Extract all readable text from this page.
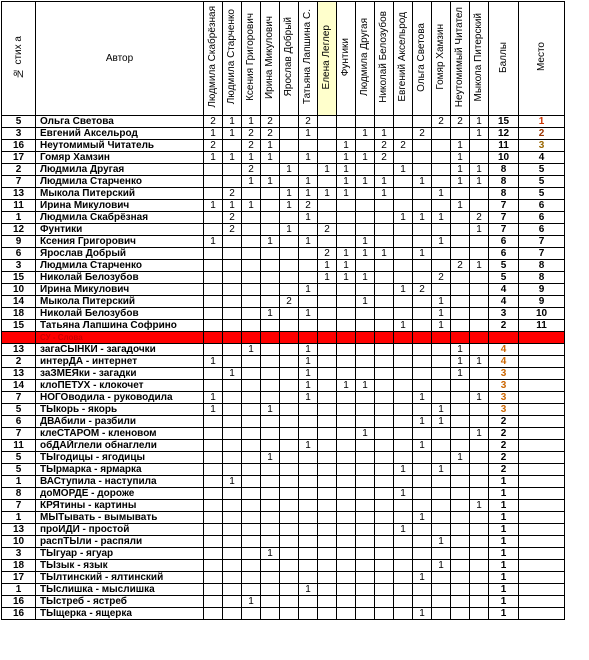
№ стих а	Автор	Людмила Скабрёзная	Людмила Старченко	Ксения Григорович	Ирина Микулович	Ярослав Добрый	Татьяна Лапшина С.	Елена Леглер	Фунтики	Людмила Другая	Николай Белозубов	Евгений Аксельрод	Ольга Светова	Гомяр Хамзин	Неутомимый Читател	Мыкола Питерский	Баллы	Место
5	Ольга Светова	2	1	1	2		2							2	2	1	15	1
3	Евгений Аксельрод	1	1	2	2		1			1	1		2			1	12	2
16	Неутомимый Читатель	2		2	1				1		2	2			1		11	3
17	Гомяр Хамзин	1	1	1	1		1		1	1	2				1		10	4
2	Людмила Другая			2		1		1	1			1			1	1	8	5
7	Людмила Старченко			1	1		1		1	1	1		1		1	1	8	5
13	Мыкола Питерский		2			1	1	1	1		1			1			8	5
11	Ирина Микулович	1	1	1		1	2								1		7	6
1	Людмила Скабрёзная		2				1					1	1	1		2	7	6
12	Фунтики		2			1		2								1	7	6
9	Ксения Григорович	1			1		1			1				1			6	7
6	Ярослав Добрый							2	1	1	1		1				6	7
3	Людмила Старченко							1	1						2	1	5	8
15	Николай Белозубов							1	1	1				2			5	8
10	Ирина Микулович						1					1	2				4	9
14	Мыкола Питерский					2				1				1			4	9
18	Николай Белозубов				1		1							1			3	10
15	Татьяна Лапшина Софрино											1		1			2	11
	СУ - Слова																	
13	загаСЫНКИ - загадочки			1			1								1		4	
2	интерДА - интернет	1					1								1	1	4	
13	заЗМЕЯки - загадки		1				1								1		3	
14	клоПЕТУХ - клокочет						1		1	1							3	
7	НОГОводила - руководила	1					1						1			1	3	
5	ТЫкорь - якорь	1			1									1			3	
6	ДВАбили - разбили												1	1			2	
7	клеСТАРОМ - кленовом									1						1	2	
11	обДАЙглели обнаглели						1						1				2	
5	ТЫгодицы - ягодицы				1										1		2	
5	ТЫрмарка - ярмарка											1		1			2	
1	ВАСтупила - наступила		1														1	
8	доМОРДЕ - дороже											1					1	
7	КРЯтины - картины															1	1	
1	МЫТывать - вымывать												1				1	
13	проИДИ - простой											1					1	
10	распТЫли - распяли													1			1	
3	ТЫгуар - ягуар				1												1	
18	ТЫзык - язык													1			1	
17	ТЫлтинский - ялтинский												1				1	
1	ТЫслишка - мыслишка						1										1	
16	ТЫстреб - ястреб			1													1	
16	ТЫщерка - ящерка												1				1	
